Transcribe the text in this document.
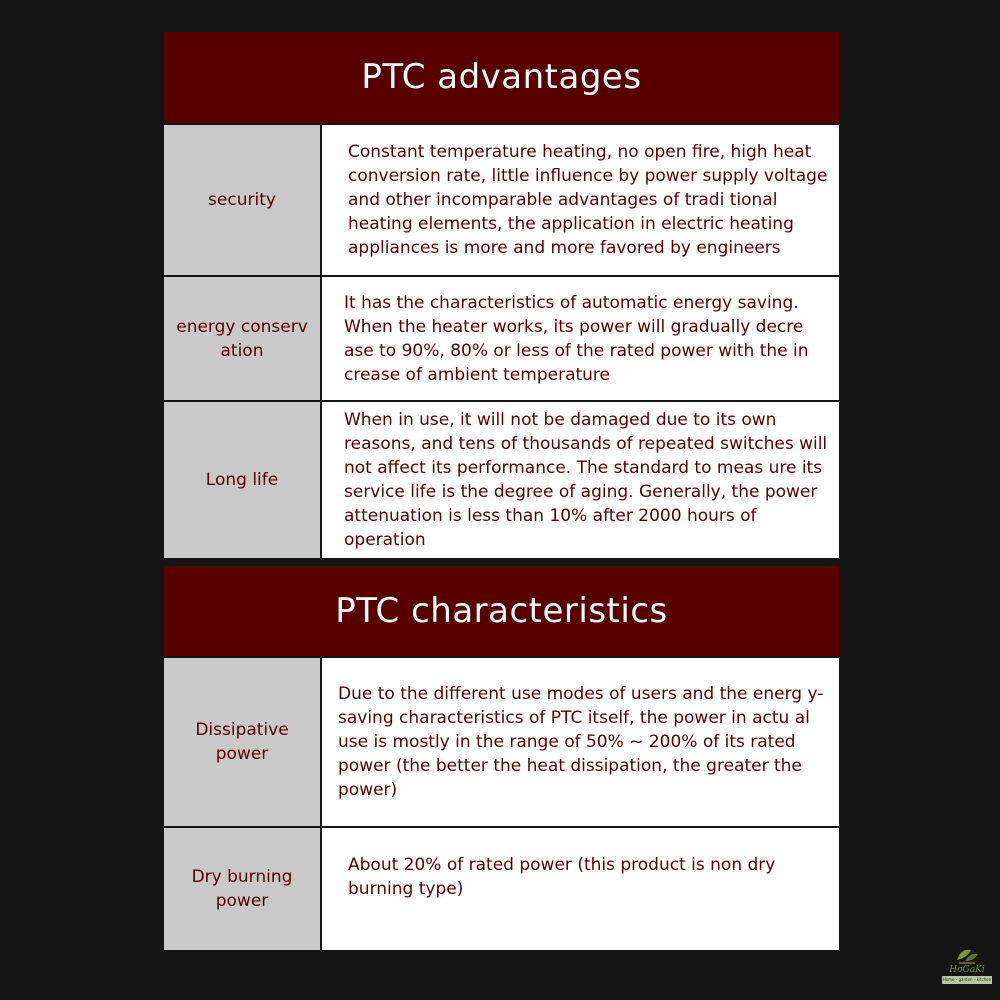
PTC advantages
security
Constant temperature heating, no open fire, high heat conversion rate, little influence by power supply voltage and other incomparable advantages of tradi tional heating elements, the application in electric heating appliances is more and more favored by engineers
energy conserv ation
It has the characteristics of automatic energy saving. When the heater works, its power will gradually decre ase to 90%, 80% or less of the rated power with the in crease of ambient temperature
Long life
When in use, it will not be damaged due to its own reasons, and tens of thousands of repeated switches will not affect its performance. The standard to meas ure its service life is the degree of aging. Generally, the power attenuation is less than 10% after 2000 hours of operation
PTC characteristics
Dissipative power
Due to the different use modes of users and the energ y-saving characteristics of PTC itself, the power in actu al use is mostly in the range of 50% ~ 200% of its rated power (the better the heat dissipation, the greater the power)
Dry burning power
About 20% of rated power (this product is non dry burning type)
HoGaKi
Home - garden - kitchen
